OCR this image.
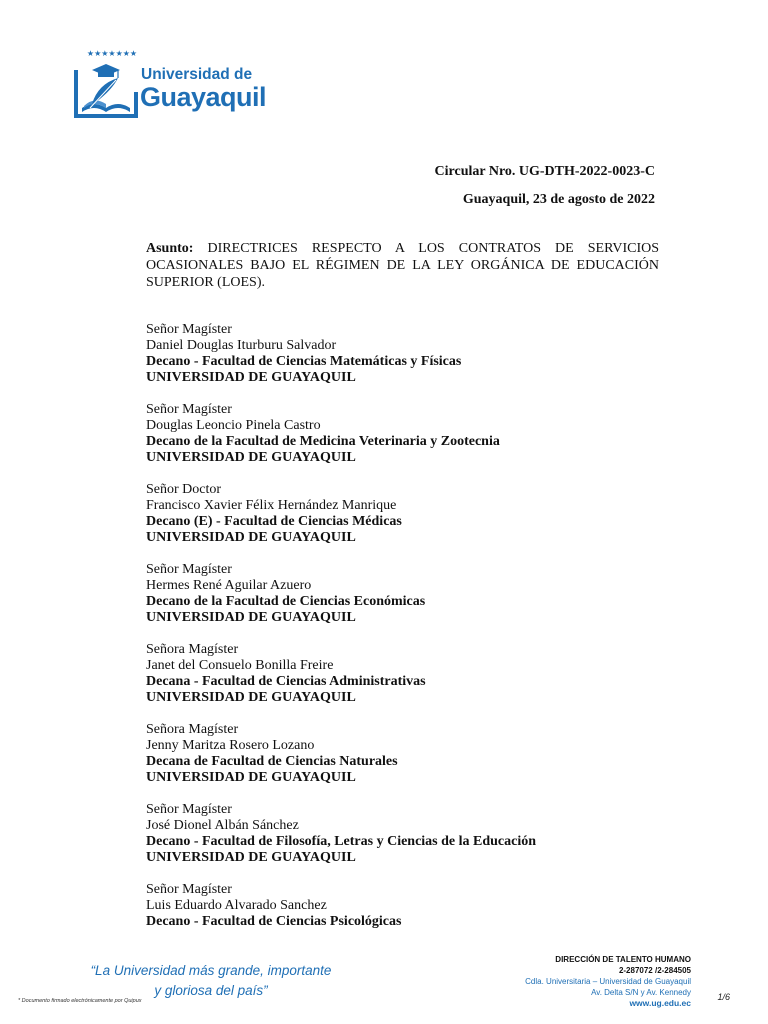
★★★★★★★
Universidad de
Guayaquil
Circular Nro. UG-DTH-2022-0023-C
Guayaquil, 23 de agosto de 2022
Asunto: DIRECTRICES RESPECTO A LOS CONTRATOS DE SERVICIOS OCASIONALES BAJO EL RÉGIMEN DE LA LEY ORGÁNICA DE EDUCACIÓN SUPERIOR (LOES).
Señor Magíster
Daniel Douglas Iturburu Salvador
Decano - Facultad de Ciencias Matemáticas y Físicas
UNIVERSIDAD DE GUAYAQUIL
Señor Magíster
Douglas Leoncio Pinela Castro
Decano de la Facultad de Medicina Veterinaria y Zootecnia
UNIVERSIDAD DE GUAYAQUIL
Señor Doctor
Francisco Xavier Félix Hernández Manrique
Decano (E) - Facultad de Ciencias Médicas
UNIVERSIDAD DE GUAYAQUIL
Señor Magíster
Hermes René Aguilar Azuero
Decano de la Facultad de Ciencias Económicas
UNIVERSIDAD DE GUAYAQUIL
Señora Magíster
Janet del Consuelo Bonilla Freire
Decana - Facultad de Ciencias Administrativas
UNIVERSIDAD DE GUAYAQUIL
Señora Magíster
Jenny Maritza Rosero Lozano
Decana de Facultad de Ciencias Naturales
UNIVERSIDAD DE GUAYAQUIL
Señor Magíster
José Dionel Albán Sánchez
Decano - Facultad de Filosofía, Letras y Ciencias de la Educación
UNIVERSIDAD DE GUAYAQUIL
Señor Magíster
Luis Eduardo Alvarado Sanchez
Decano - Facultad de Ciencias Psicológicas
“La Universidad más grande, importante
y gloriosa del país”
* Documento firmado electrónicamente por Quipux
DIRECCIÓN DE TALENTO HUMANO
2-287072 /2-284505
Cdla. Universitaria – Universidad de Guayaquil
Av. Delta S/N y Av. Kennedy
www.ug.edu.ec
1/6
